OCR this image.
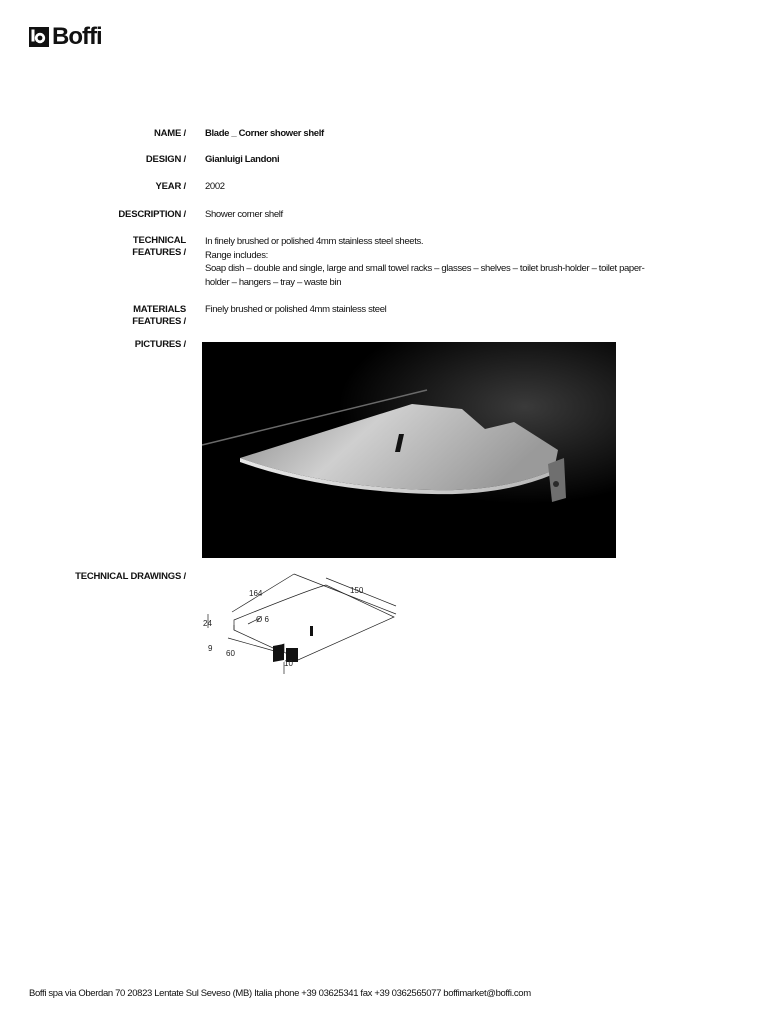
Boffi
NAME / Blade _ Corner shower shelf
DESIGN / Gianluigi Landoni
YEAR / 2002
DESCRIPTION / Shower corner shelf
TECHNICAL
FEATURES /
In finely brushed or polished 4mm stainless steel sheets.
Range includes:
Soap dish – double and single, large and small towel racks – glasses – shelves – toilet brush-holder – toilet paper-
holder – hangers – tray – waste bin
MATERIALS
FEATURES /
Finely brushed or polished 4mm stainless steel
PICTURES /
TECHNICAL DRAWINGS /
164	150
24	Ø 6
9
60
10
Boffi spa via Oberdan 70 20823 Lentate Sul Seveso (MB) Italia phone +39 03625341 fax +39 0362565077 boffimarket@boffi.com
